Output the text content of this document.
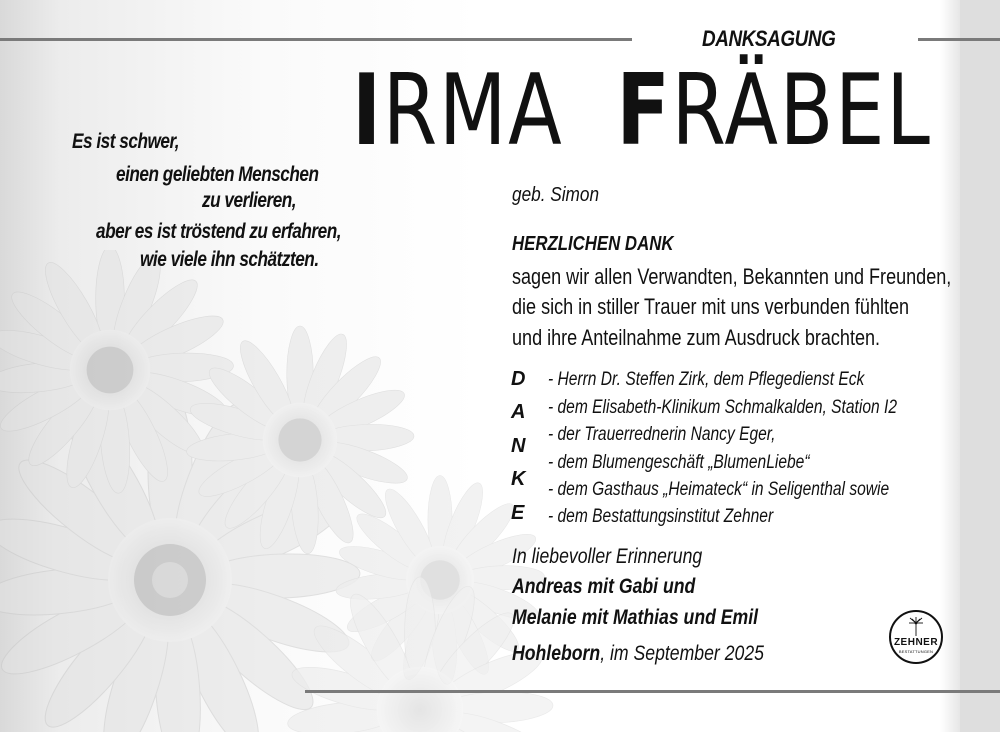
DANKSAGUNG
IRMA FRÄBEL
geb. Simon
Es ist schwer,
einen geliebten Menschen
zu verlieren,
aber es ist tröstend zu erfahren,
wie viele ihn schätzten.
HERZLICHEN DANK
sagen wir allen Verwandten, Bekannten und Freunden,
die sich in stiller Trauer mit uns verbunden fühlten
und ihre Anteilnahme zum Ausdruck brachten.
D
A
N
K
E
- Herrn Dr. Steffen Zirk, dem Pflegedienst Eck
- dem Elisabeth-Klinikum Schmalkalden, Station I2
- der Trauerrednerin Nancy Eger,
- dem Blumengeschäft „BlumenLiebe“
- dem Gasthaus „Heimateck“ in Seligenthal sowie
- dem Bestattungsinstitut Zehner
In liebevoller Erinnerung
Andreas mit Gabi und
Melanie mit Mathias und Emil
Hohleborn, im September 2025	ZEHNER
BESTATTUNGEN
